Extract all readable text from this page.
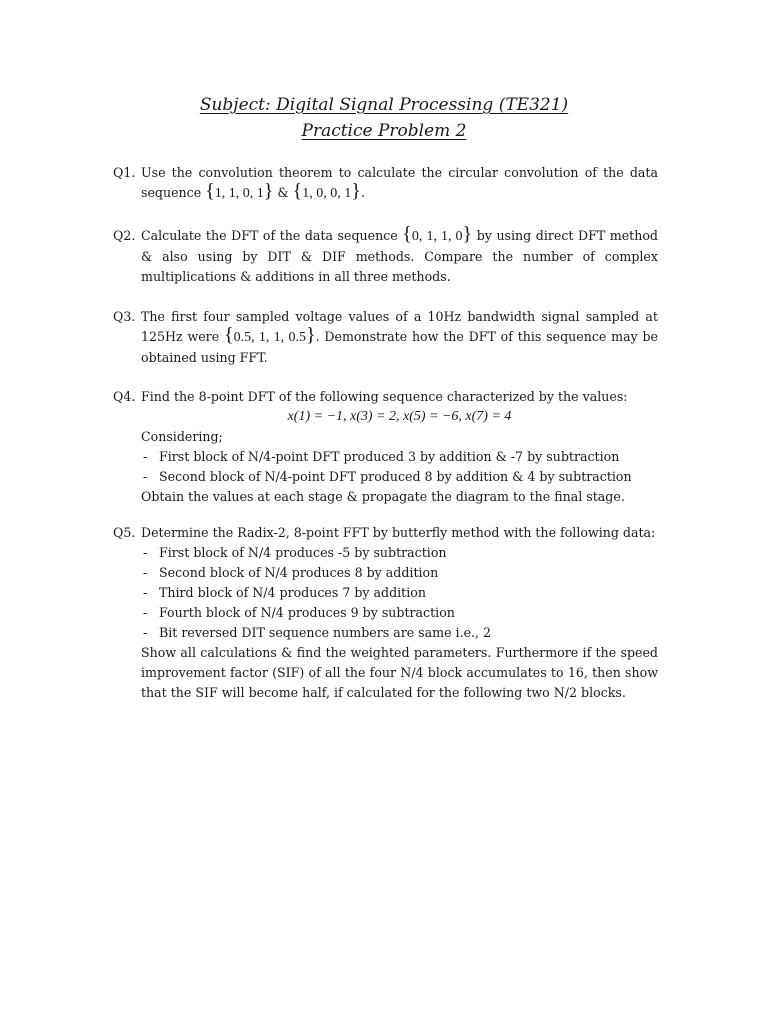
Subject: Digital Signal Processing (TE321)

Practice Problem 2

Q1. Use the convolution theorem to calculate the circular convolution of the data sequence {1, 1, 0, 1} & {1, 0, 0, 1}.

Q2. Calculate the DFT of the data sequence {0, 1, 1, 0} by using direct DFT method & also using by DIT & DIF methods. Compare the number of complex multiplications & additions in all three methods.

Q3. The first four sampled voltage values of a 10Hz bandwidth signal sampled at 125Hz were {0.5, 1, 1, 0.5}. Demonstrate how the DFT of this sequence may be obtained using FFT.

Q4. Find the 8-point DFT of the following sequence characterized by the values:

x(1) = −1, x(3) = 2, x(5) = −6, x(7) = 4

Considering;

- First block of N/4-point DFT produced 3 by addition & -7 by subtraction
- Second block of N/4-point DFT produced 8 by addition & 4 by subtraction

Obtain the values at each stage & propagate the diagram to the final stage.

Q5. Determine the Radix-2, 8-point FFT by butterfly method with the following data:

- First block of N/4 produces -5 by subtraction
- Second block of N/4 produces 8 by addition
- Third block of N/4 produces 7 by addition
- Fourth block of N/4 produces 9 by subtraction
- Bit reversed DIT sequence numbers are same i.e., 2

Show all calculations & find the weighted parameters. Furthermore if the speed improvement factor (SIF) of all the four N/4 block accumulates to 16, then show that the SIF will become half, if calculated for the following two N/2 blocks.
